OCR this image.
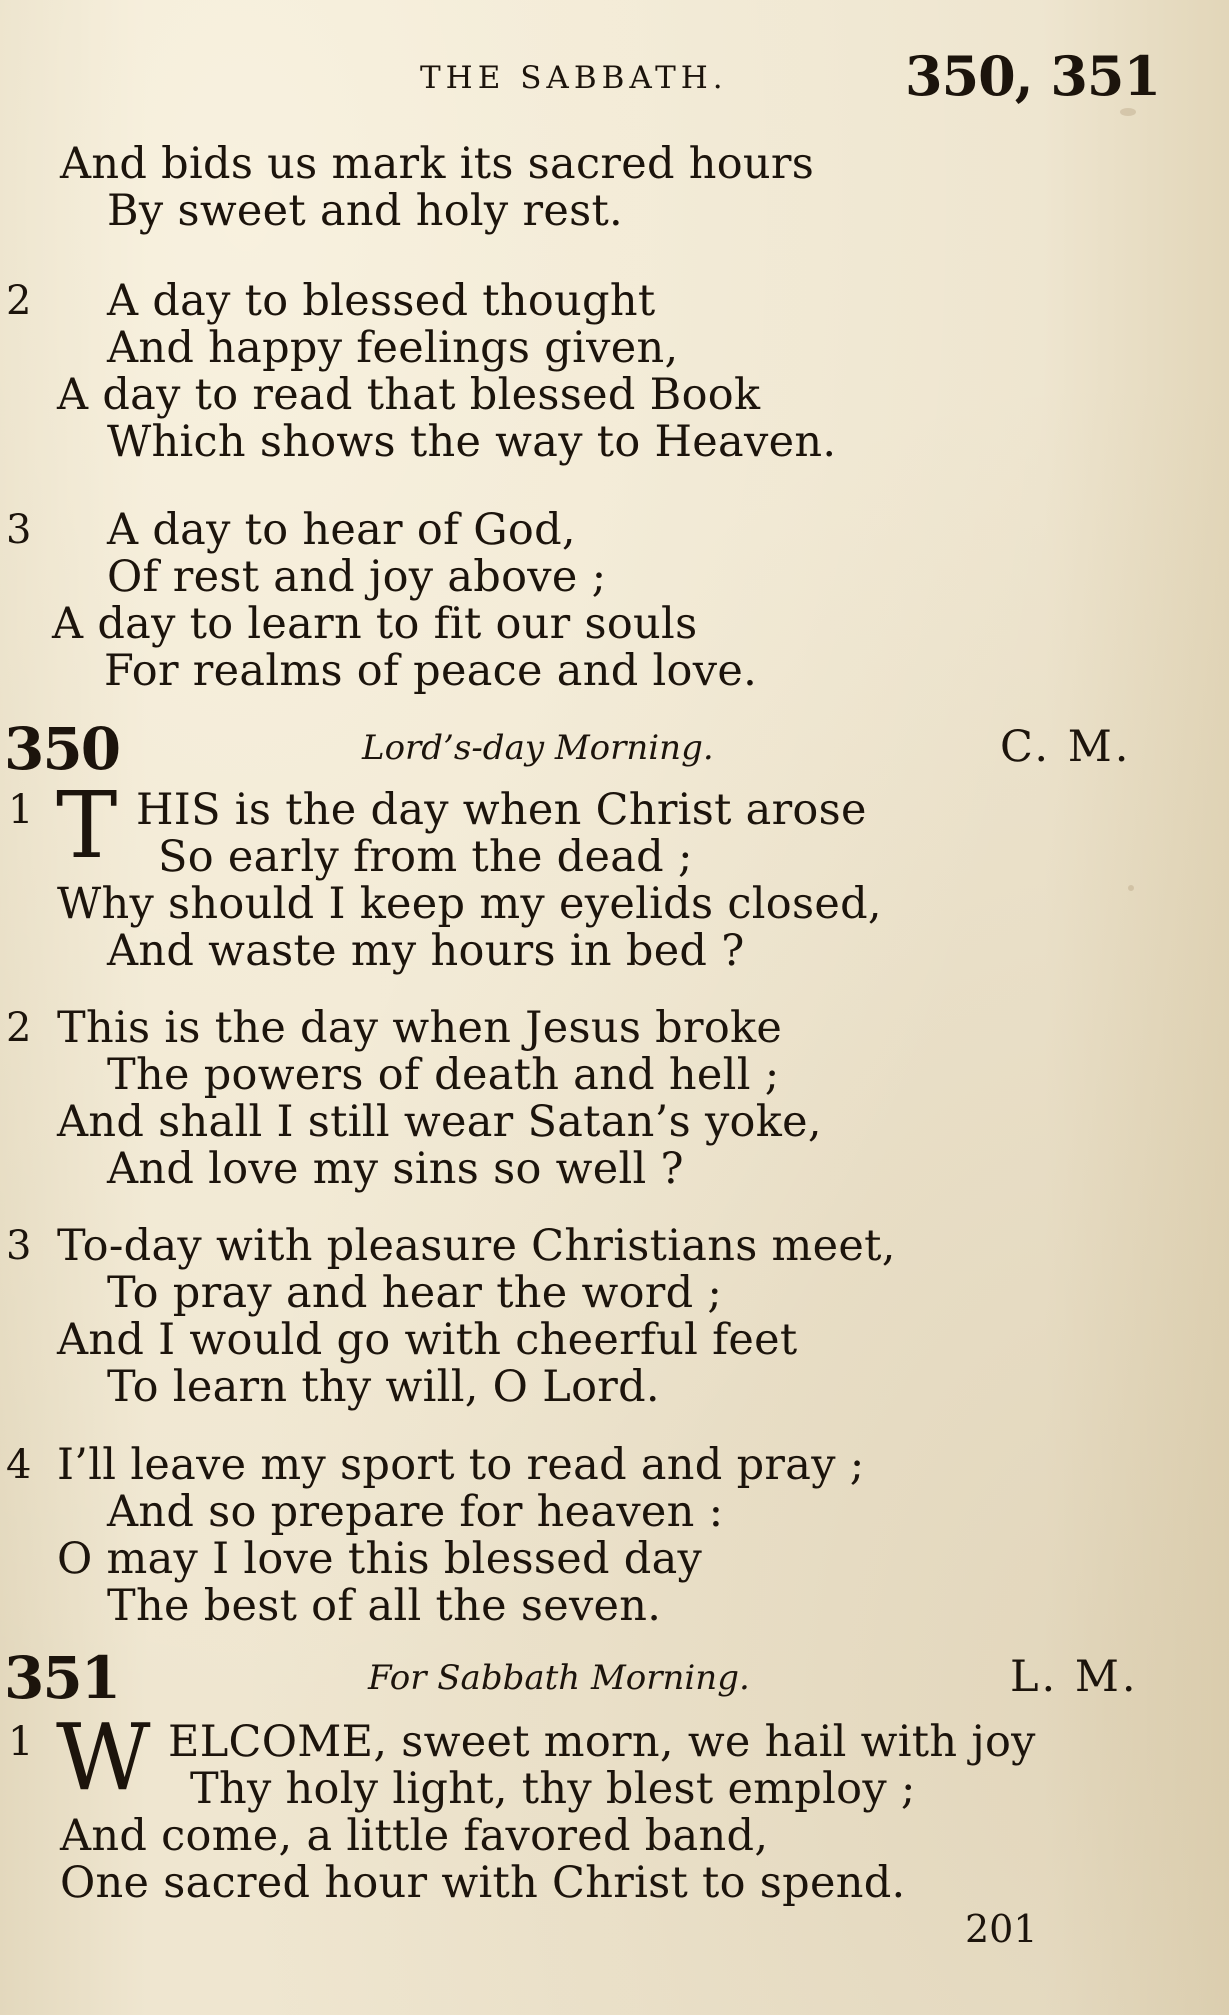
THE SABBATH.	350, 351
And bids us mark its sacred hours
By sweet and holy rest.
2 A day to blessed thought
And happy feelings given,
A day to read that blessed Book
Which shows the way to Heaven.
3 A day to hear of God,
Of rest and joy above ;
A day to learn to fit our souls
For realms of peace and love.
350	Lord’s-day Morning.	C. M.
1 T HIS is the day when Christ arose
So early from the dead ;
Why should I keep my eyelids closed,
And waste my hours in bed ?
2 This is the day when Jesus broke
The powers of death and hell ;
And shall I still wear Satan’s yoke,
And love my sins so well ?
3 To-day with pleasure Christians meet,
To pray and hear the word ;
And I would go with cheerful feet
To learn thy will, O Lord.
4 I’ll leave my sport to read and pray ;
And so prepare for heaven :
O may I love this blessed day
The best of all the seven.
351	For Sabbath Morning.	L. M.
1 W ELCOME, sweet morn, we hail with joy
Thy holy light, thy blest employ ;
And come, a little favored band,
One sacred hour with Christ to spend.
201
